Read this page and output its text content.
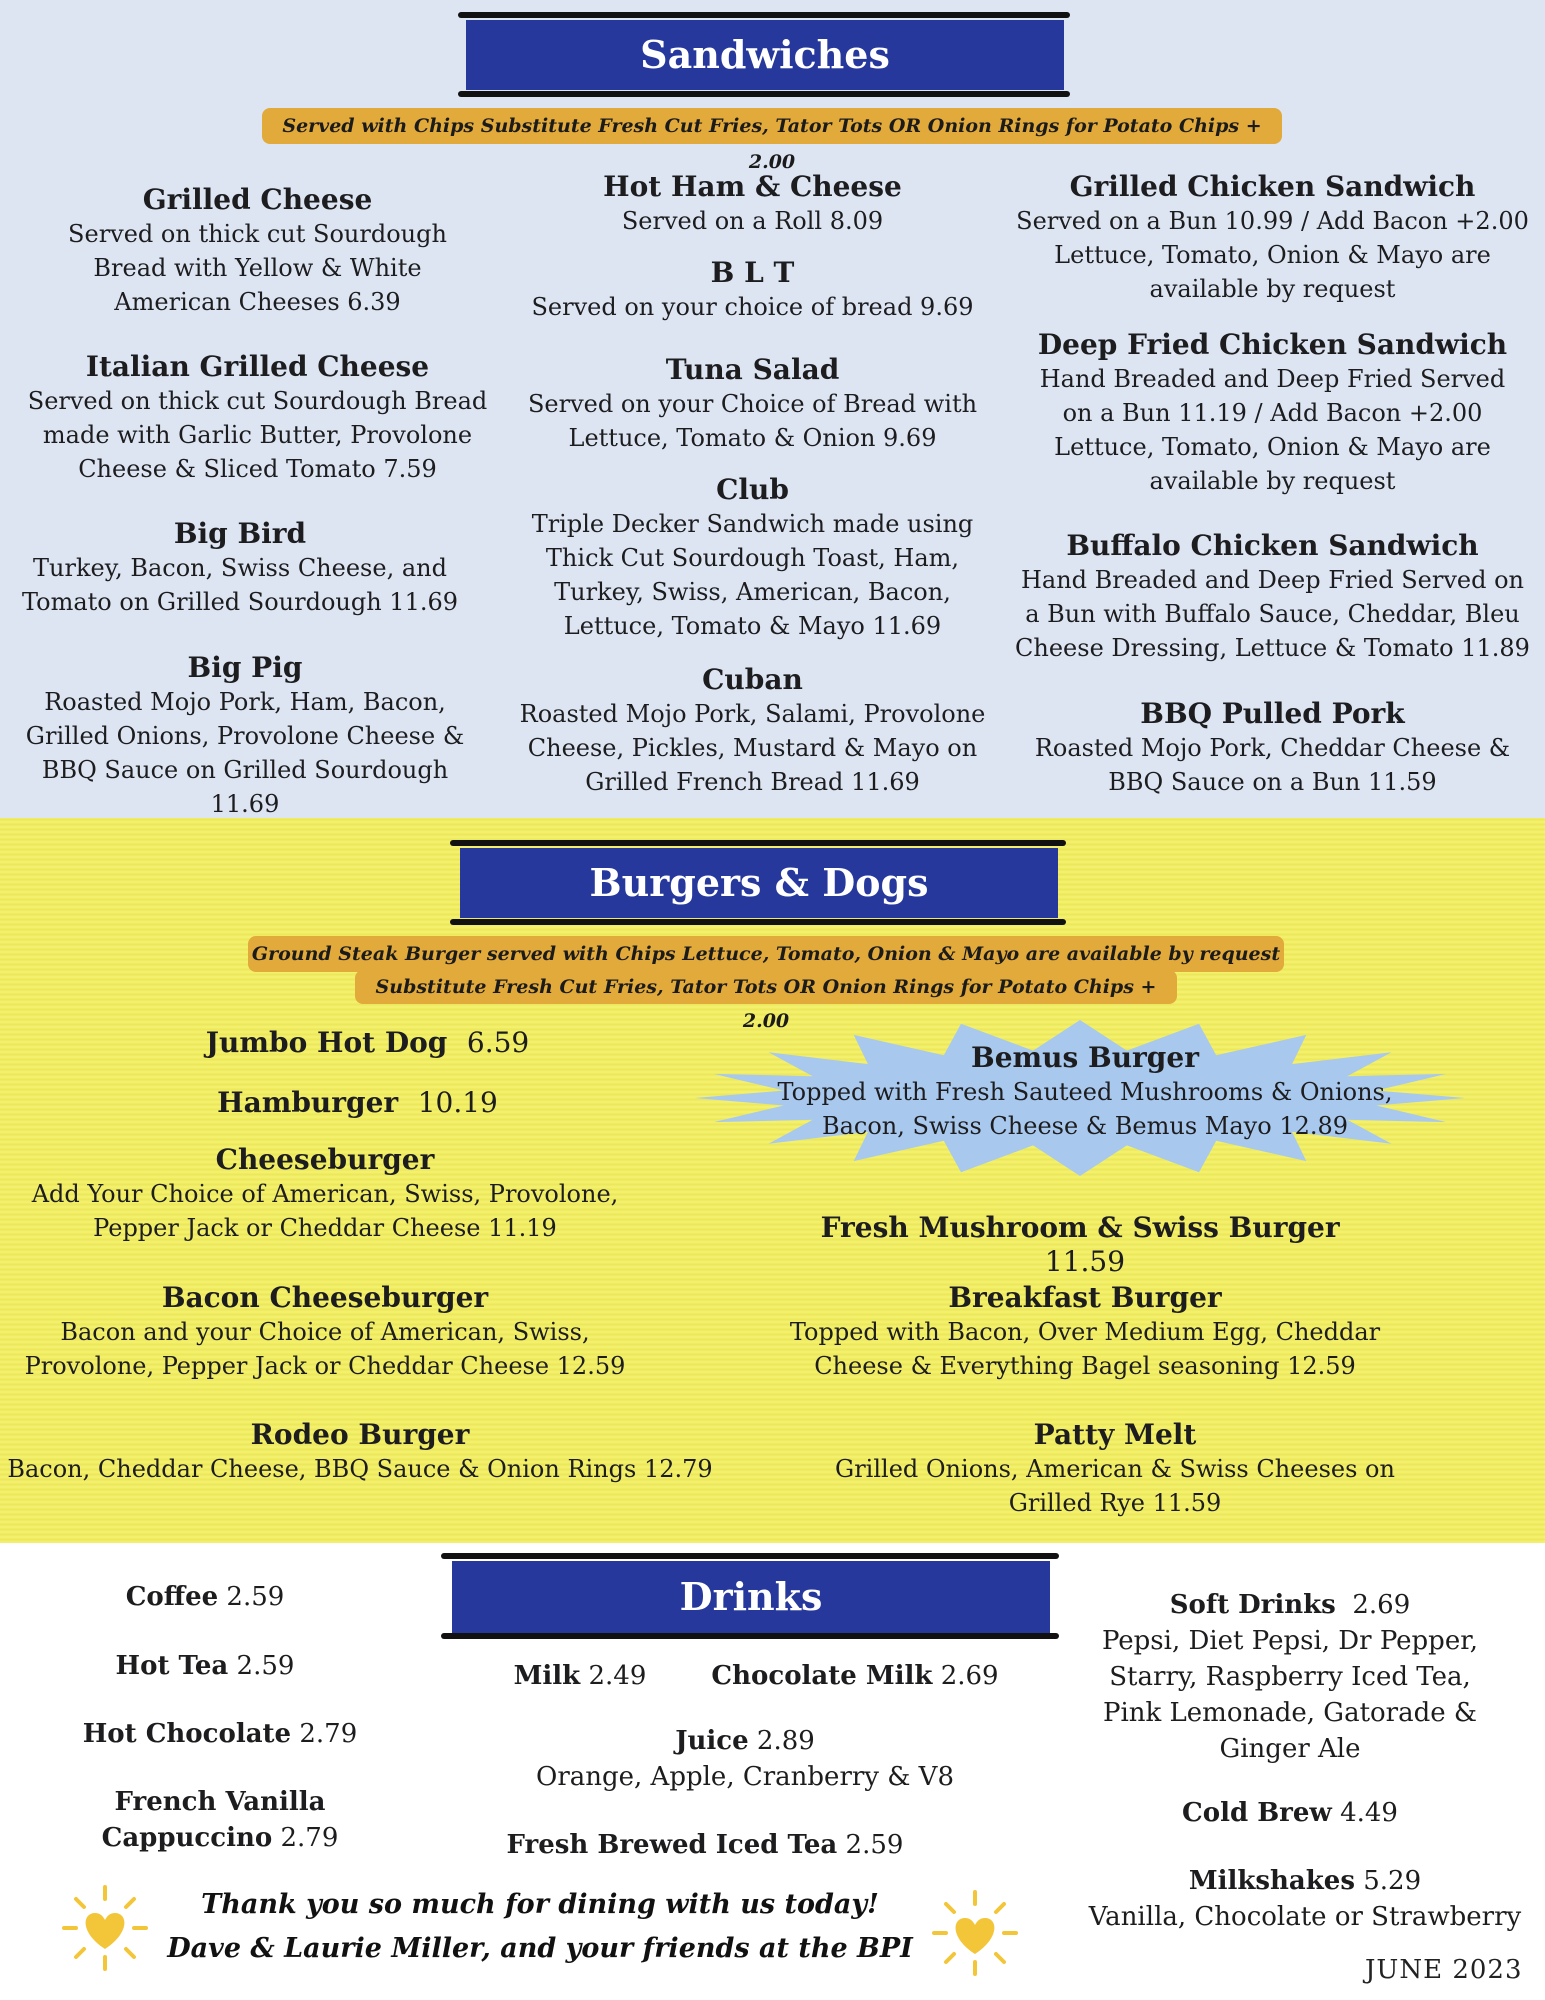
Sandwiches
Served with Chips Substitute Fresh Cut Fries, Tator Tots OR Onion Rings for Potato Chips + 2.00
Grilled Cheese
Served on thick cut Sourdough
Bread with Yellow & White
American Cheeses 6.39
Italian Grilled Cheese
Served on thick cut Sourdough Bread
made with Garlic Butter, Provolone
Cheese & Sliced Tomato 7.59
Big Bird
Turkey, Bacon, Swiss Cheese, and
Tomato on Grilled Sourdough 11.69
Big Pig
Roasted Mojo Pork, Ham, Bacon,
Grilled Onions, Provolone Cheese &
BBQ Sauce on Grilled Sourdough 11.69
Hot Ham & Cheese
Served on a Roll 8.09
B L T
Served on your choice of bread 9.69
Tuna Salad
Served on your Choice of Bread with
Lettuce, Tomato & Onion 9.69
Club
Triple Decker Sandwich made using
Thick Cut Sourdough Toast, Ham,
Turkey, Swiss, American, Bacon,
Lettuce, Tomato & Mayo 11.69
Cuban
Roasted Mojo Pork, Salami, Provolone
Cheese, Pickles, Mustard & Mayo on
Grilled French Bread 11.69
Grilled Chicken Sandwich
Served on a Bun 10.99 / Add Bacon +2.00
Lettuce, Tomato, Onion & Mayo are
available by request
Deep Fried Chicken Sandwich
Hand Breaded and Deep Fried Served
on a Bun 11.19 / Add Bacon +2.00
Lettuce, Tomato, Onion & Mayo are
available by request
Buffalo Chicken Sandwich
Hand Breaded and Deep Fried Served on
a Bun with Buffalo Sauce, Cheddar, Bleu
Cheese Dressing, Lettuce & Tomato 11.89
BBQ Pulled Pork
Roasted Mojo Pork, Cheddar Cheese &
BBQ Sauce on a Bun 11.59
Burgers & Dogs
Ground Steak Burger served with Chips Lettuce, Tomato, Onion & Mayo are available by request
Substitute Fresh Cut Fries, Tator Tots OR Onion Rings for Potato Chips + 2.00
Jumbo Hot Dog 6.59
Hamburger 10.19
Cheeseburger
Add Your Choice of American, Swiss, Provolone,
Pepper Jack or Cheddar Cheese 11.19
Bacon Cheeseburger
Bacon and your Choice of American, Swiss,
Provolone, Pepper Jack or Cheddar Cheese 12.59
Rodeo Burger
Bacon, Cheddar Cheese, BBQ Sauce & Onion Rings 12.79
Bemus Burger
Topped with Fresh Sauteed Mushrooms & Onions,
Bacon, Swiss Cheese & Bemus Mayo 12.89
Fresh Mushroom & Swiss Burger  11.59
Breakfast Burger
Topped with Bacon, Over Medium Egg, Cheddar
Cheese & Everything Bagel seasoning 12.59
Patty Melt
Grilled Onions, American & Swiss Cheeses on
Grilled Rye 11.59
Drinks
Coffee 2.59
Hot Tea 2.59
Hot Chocolate 2.79
French Vanilla
Cappuccino 2.79
Milk 2.49	Chocolate Milk 2.69
Juice 2.89
Orange, Apple, Cranberry & V8
Fresh Brewed Iced Tea 2.59
Soft Drinks 2.69
Pepsi, Diet Pepsi, Dr Pepper,
Starry, Raspberry Iced Tea,
Pink Lemonade, Gatorade &
Ginger Ale
Cold Brew 4.49
Milkshakes 5.29
Vanilla, Chocolate or Strawberry
Thank you so much for dining with us today!
Dave & Laurie Miller, and your friends at the BPI
JUNE 2023
